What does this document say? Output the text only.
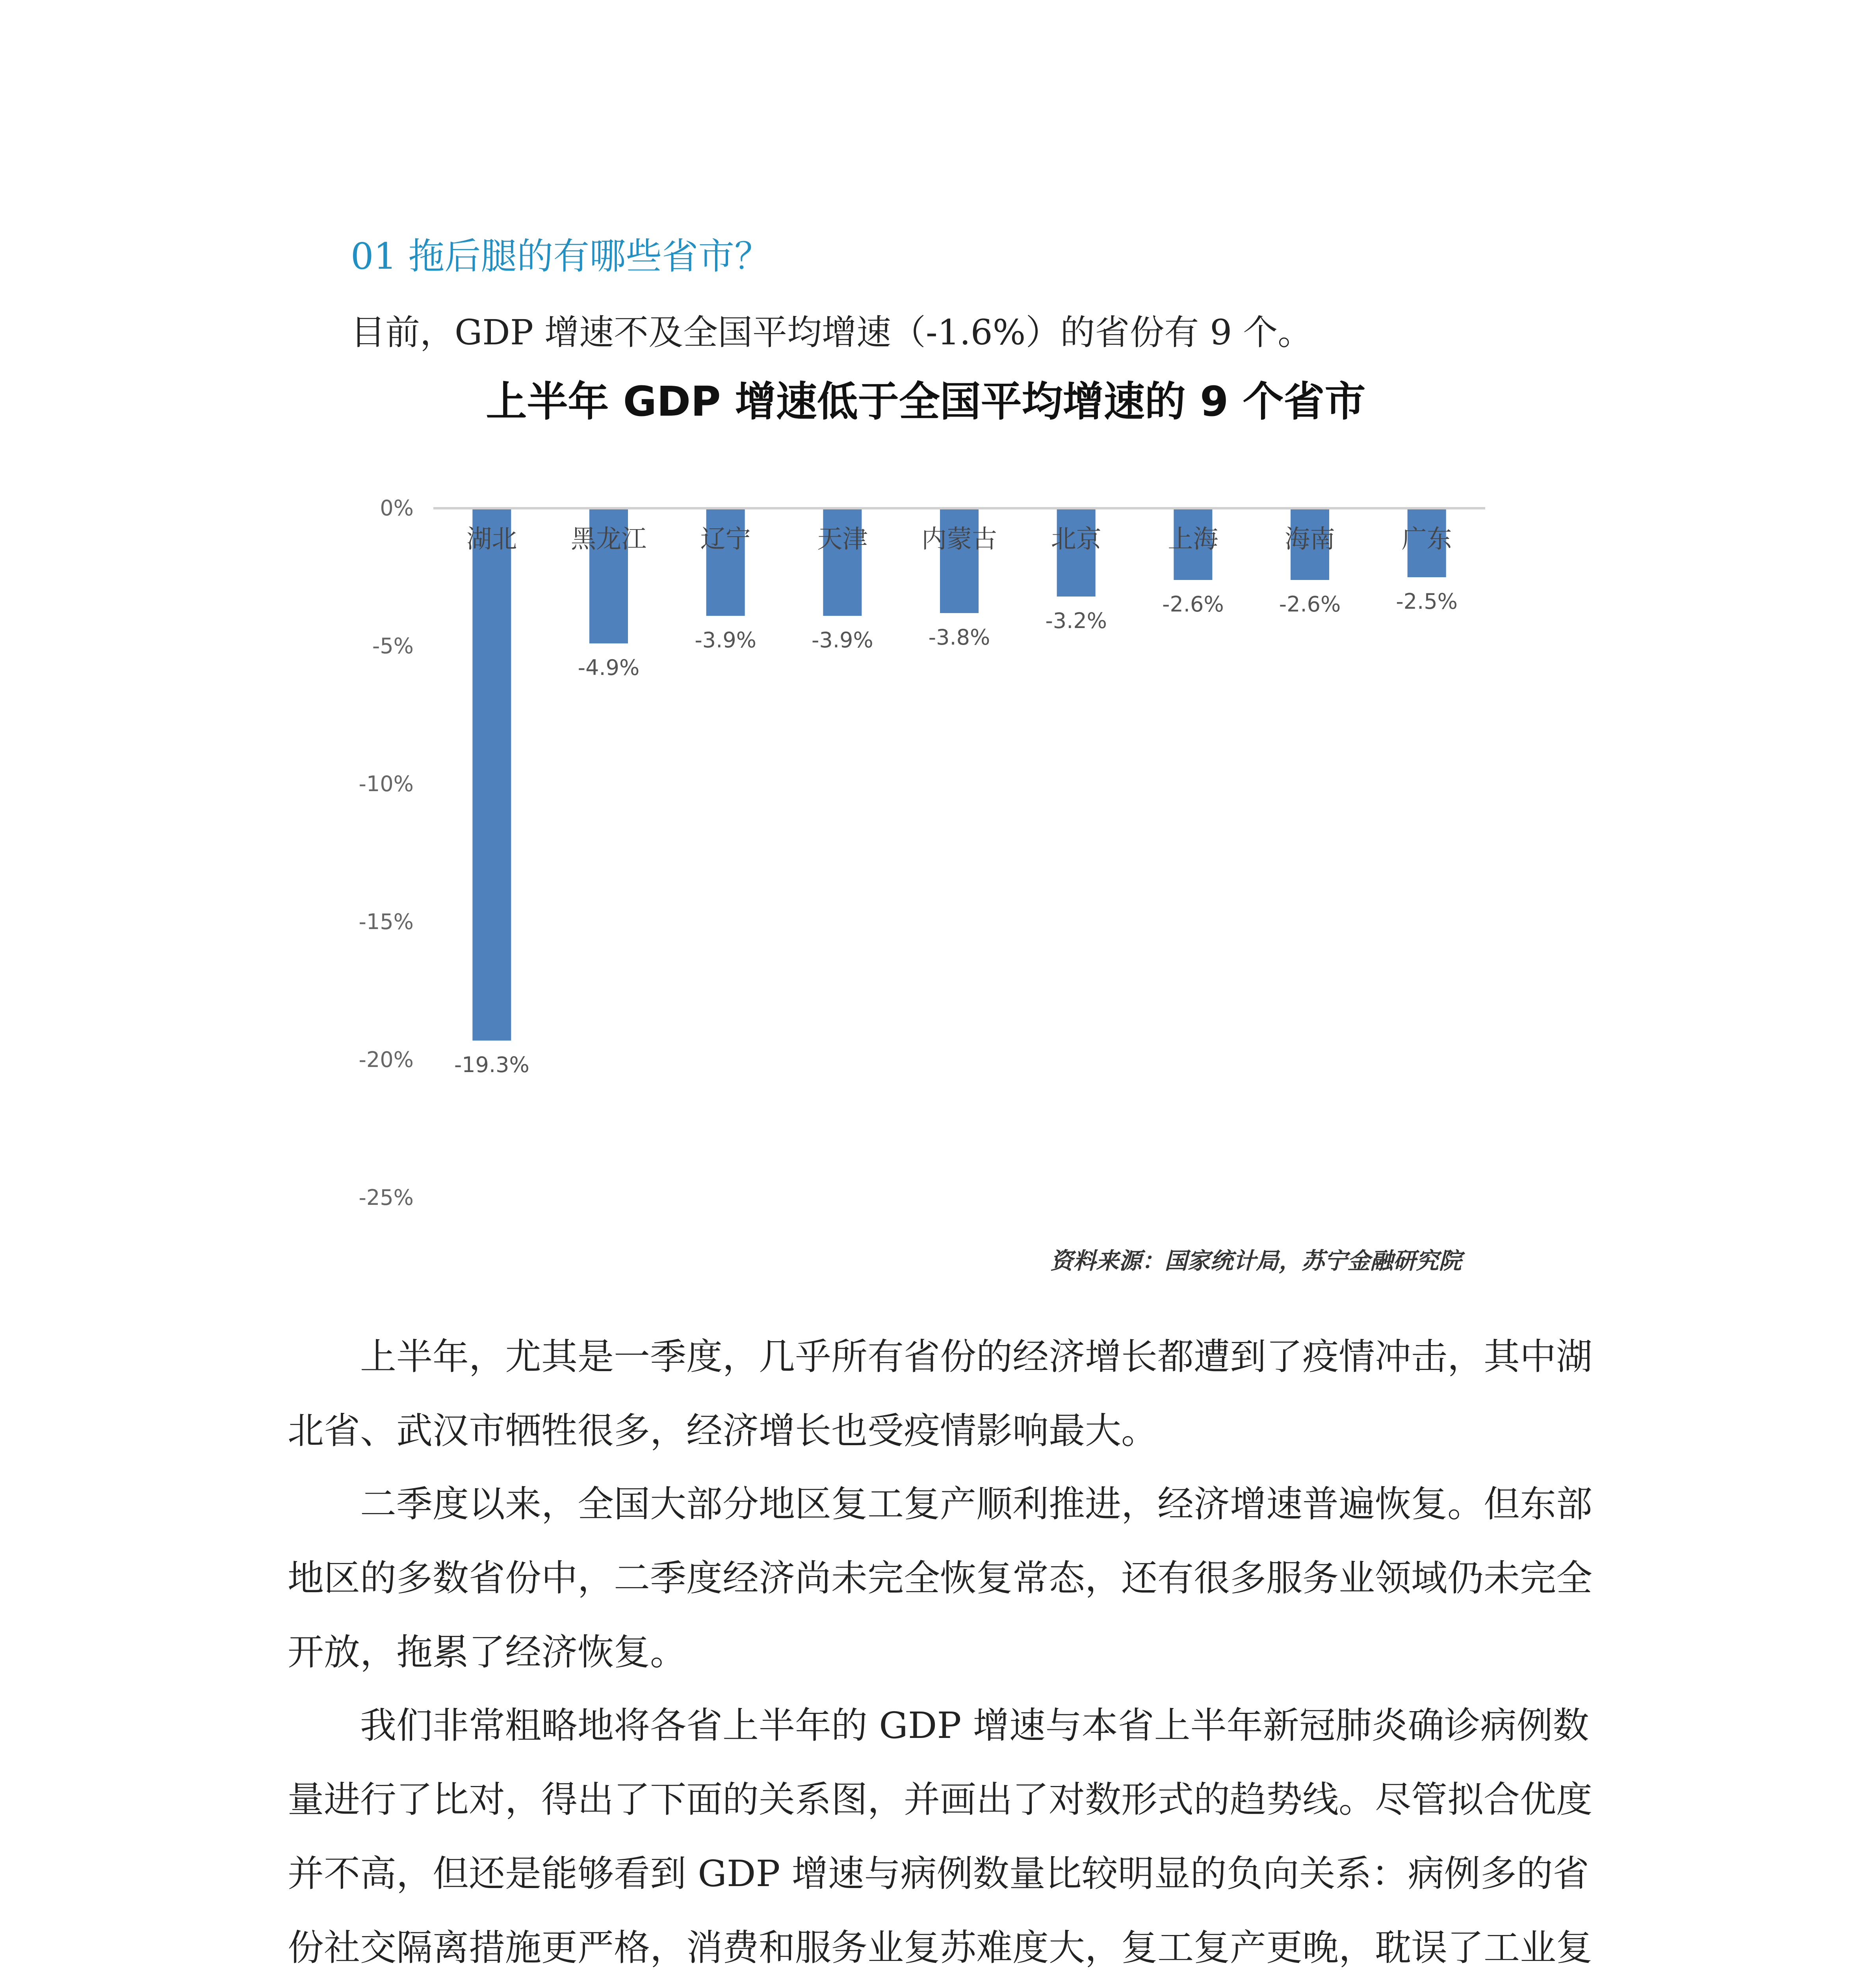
01 拖后腿的有哪些省市？
目前，GDP 增速不及全国平均增速（-1.6%）的省份有 9 个。
上半年 GDP 增速低于全国平均增速的 9 个省市
0%
-5%
-10%
-15%
-20%
-25%
湖北 黑龙江 辽宁	天津 内蒙古 北京	上海	海南	广东
-19.3%
-4.9%
-3.9%	-3.9%	-3.8%
-3.2%
-2.6%	-2.6%	-2.5%
资料来源：国家统计局，苏宁金融研究院

上半年，尤其是一季度，几乎所有省份的经济增长都遭到了疫情冲击，其中湖北省、武汉市牺牲很多，经济增长也受疫情影响最大。

二季度以来，全国大部分地区复工复产顺利推进，经济增速普遍恢复。但东部地区的多数省份中，二季度经济尚未完全恢复常态，还有很多服务业领域仍未完全开放，拖累了经济恢复。

我们非常粗略地将各省上半年的 GDP 增速与本省上半年新冠肺炎确诊病例数量进行了比对，得出了下面的关系图，并画出了对数形式的趋势线。尽管拟合优度并不高，但还是能够看到 GDP 增速与病例数量比较明显的负向关系：病例多的省份社交隔离措施更严格，消费和服务业复苏难度大，复工复产更晚，耽误了工业复
